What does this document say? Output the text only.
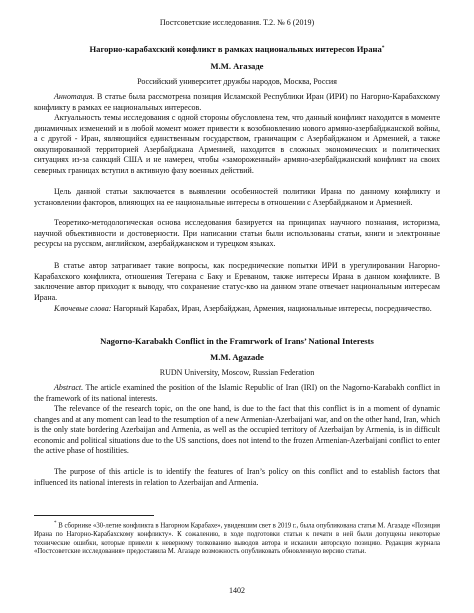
Постсоветские исследования. Т.2. № 6 (2019)
Нагорно-карабахский конфликт в рамках национальных интересов Ирана*
М.М. Агазаде
Российский университет дружбы народов, Москва, Россия

Аннотация. В статье была рассмотрена позиция Исламской Республики Иран (ИРИ) по Нагорно-Карабахскому конфликту в рамках ее национальных интересов.

Актуальность темы исследования с одной стороны обусловлена тем, что данный конфликт находится в моменте динамичных изменений и в любой момент может привести к возобновлению нового армяно-азербайджанской войны, а с другой - Иран, являющийся единственным государством, граничащим с Азербайджаном и Арменией, а также оккупированной территорией Азербайджана Арменией, находится в сложных экономических и политических ситуациях из-за санкций США и не намерен, чтобы «замороженный» армяно-азербайджанский конфликт на своих северных границах вступил в активную фазу военных действий.

Цель данной статьи заключается в выявлении особенностей политики Ирана по данному конфликту и установлении факторов, влияющих на ее национальные интересы в отношении с Азербайджаном и Арменией.

Теоретико-методологическая основа исследования базируется на принципах научного познания, историзма, научной объективности и достоверности. При написании статьи были использованы статьи, книги и электронные ресурсы на русском, английском, азербайджанском и турецком языках.

В статье автор затрагивает такие вопросы, как посреднические попытки ИРИ в урегулировании Нагорно-Карабахского конфликта, отношения Тегерана с Баку и Ереваном, также интересы Ирана в данном конфликте. В заключение автор приходит к выводу, что сохранение статус-кво на данном этапе отвечает национальным интересам Ирана.

Ключевые слова: Нагорный Карабах, Иран, Азербайджан, Армения, национальные интересы, посредничество.

Nagorno-Karabakh Conflict in the Framrwork of Irans’ National Interests
M.M. Agazade
RUDN University, Moscow, Russian Federation

Abstract. The article examined the position of the Islamic Republic of Iran (IRI) on the Nagorno-Karabakh conflict in the framework of its national interests.

The relevance of the research topic, on the one hand, is due to the fact that this conflict is in a moment of dynamic changes and at any moment can lead to the resumption of a new Armenian-Azerbaijani war, and on the other hand, Iran, which is the only state bordering Azerbaijan and Armenia, as well as the occupied territory of Azerbaijan by Armenia, is in difficult economic and political situations due to the US sanctions, does not intend to the frozen Armenian-Azerbaijani conflict to enter the active phase of hostilities.

The purpose of this article is to identify the features of Iran’s policy on this conflict and to establish factors that influenced its national interests in relation to Azerbaijan and Armenia.

* В сборнике «30-летие конфликта в Нагорном Карабахе», увидевшим свет в 2019 г., была опубликована статья М. Агазаде «Позиция Ирана по Нагорно-Карабахскому конфликту». К сожалению, в ходе подготовки статьи к печати в ней были допущены некоторые технические ошибки, которые привели к неверному толкованию выводов автора и исказили авторскую позицию. Редакция журнала «Постсоветские исследования» предоставила М. Агазаде возможность опубликовать обновленную версию статьи.
1402
